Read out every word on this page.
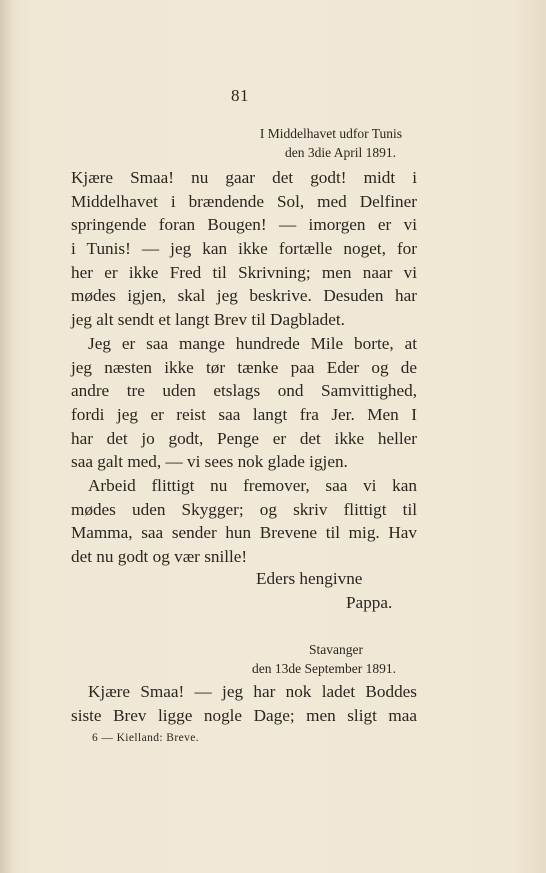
81
I Middelhavet udfor Tunis
den 3die April 1891.
Kjære Smaa! nu gaar det godt! midt i
Middelhavet i brændende Sol, med Delfiner
springende foran Bougen! — imorgen er vi
i Tunis! — jeg kan ikke fortælle noget, for
her er ikke Fred til Skrivning; men naar vi
mødes igjen, skal jeg beskrive. Desuden har
jeg alt sendt et langt Brev til Dagbladet.
Jeg er saa mange hundrede Mile borte, at
jeg næsten ikke tør tænke paa Eder og de
andre tre uden etslags ond Samvittighed,
fordi jeg er reist saa langt fra Jer. Men I
har det jo godt, Penge er det ikke heller
saa galt med, — vi sees nok glade igjen.
Arbeid flittigt nu fremover, saa vi kan
mødes uden Skygger; og skriv flittigt til
Mamma, saa sender hun Brevene til mig. Hav
det nu godt og vær snille!
Eders hengivne
Pappa.
Stavanger
den 13de September 1891.
Kjære Smaa! — jeg har nok ladet Boddes
siste Brev ligge nogle Dage; men sligt maa
6 — Kielland: Breve.
